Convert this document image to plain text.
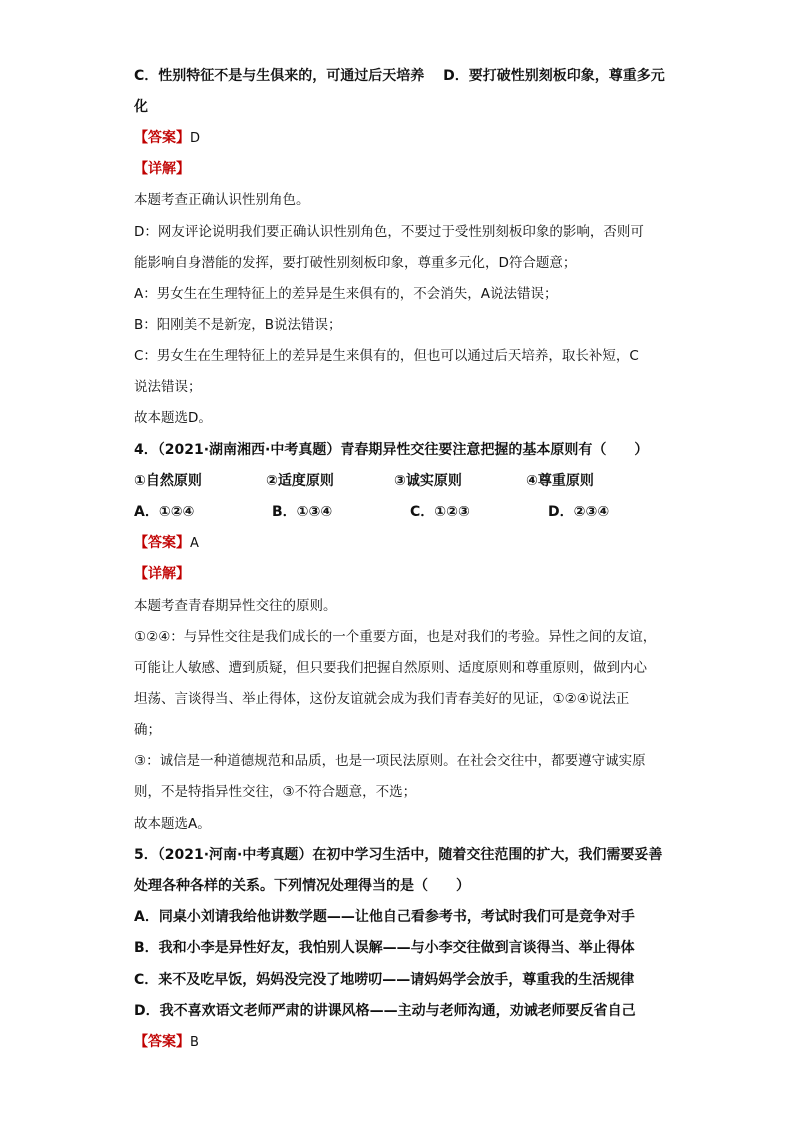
C．性别特征不是与生俱来的，可通过后天培养　 D．要打破性别刻板印象，尊重多元
化
【答案】D
【详解】
本题考查正确认识性别角色。
D：网友评论说明我们要正确认识性别角色，不要过于受性别刻板印象的影响，否则可
能影响自身潜能的发挥，要打破性别刻板印象，尊重多元化，D符合题意；
A：男女生在生理特征上的差异是生来俱有的，不会消失，A说法错误；
B：阳刚美不是新宠，B说法错误；
C：男女生在生理特征上的差异是生来俱有的，但也可以通过后天培养，取长补短，C
说法错误；
故本题选D。
4．（2021·湖南湘西·中考真题）青春期异性交往要注意把握的基本原则有（　　）
【答案】A
【详解】
本题考查青春期异性交往的原则。
①②④：与异性交往是我们成长的一个重要方面，也是对我们的考验。异性之间的友谊，
可能让人敏感、遭到质疑，但只要我们把握自然原则、适度原则和尊重原则，做到内心
坦荡、言谈得当、举止得体，这份友谊就会成为我们青春美好的见证，①②④说法正
确；
③：诚信是一种道德规范和品质，也是一项民法原则。在社会交往中，都要遵守诚实原
则，不是特指异性交往，③不符合题意，不选；
故本题选A。
5．（2021·河南·中考真题）在初中学习生活中，随着交往范围的扩大，我们需要妥善
处理各种各样的关系。下列情况处理得当的是（　　）
A．同桌小刘请我给他讲数学题——让他自己看参考书，考试时我们可是竞争对手
B．我和小李是异性好友，我怕别人误解——与小李交往做到言谈得当、举止得体
C．来不及吃早饭，妈妈没完没了地唠叨——请妈妈学会放手，尊重我的生活规律
D．我不喜欢语文老师严肃的讲课风格——主动与老师沟通，劝诫老师要反省自己
【答案】B
①自然原则	②适度原则	③诚实原则	④尊重原则
A．①②④	B．①③④	C．①②③	D．②③④
